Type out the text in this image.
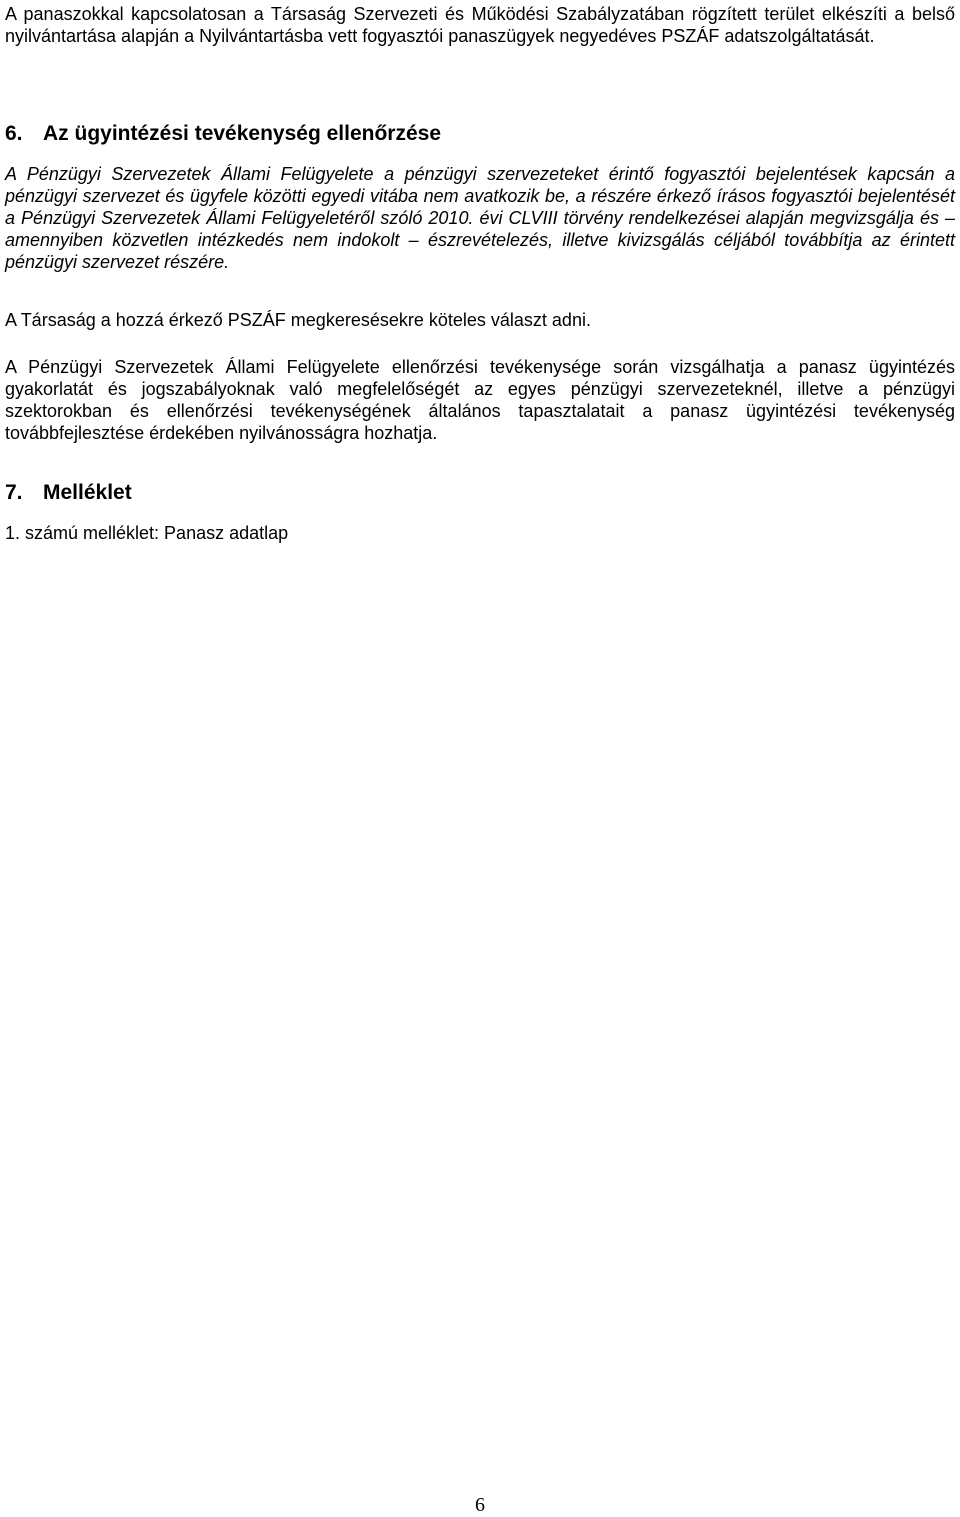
A panaszokkal kapcsolatosan a Társaság Szervezeti és Működési Szabályzatában rögzített terület elkészíti a belső nyilvántartása alapján a Nyilvántartásba vett fogyasztói panaszügyek negyedéves PSZÁF adatszolgáltatását.

6. Az ügyintézési tevékenység ellenőrzése

A Pénzügyi Szervezetek Állami Felügyelete a pénzügyi szervezeteket érintő fogyasztói bejelentések kapcsán a pénzügyi szervezet és ügyfele közötti egyedi vitába nem avatkozik be, a részére érkező írásos fogyasztói bejelentését a Pénzügyi Szervezetek Állami Felügyeletéről szóló 2010. évi CLVIII törvény rendelkezései alapján megvizsgálja és – amennyiben közvetlen intézkedés nem indokolt – észrevételezés, illetve kivizsgálás céljából továbbítja az érintett pénzügyi szervezet részére.

A Társaság a hozzá érkező PSZÁF megkeresésekre köteles választ adni.

A Pénzügyi Szervezetek Állami Felügyelete ellenőrzési tevékenysége során vizsgálhatja a panasz ügyintézés gyakorlatát és jogszabályoknak való megfelelőségét az egyes pénzügyi szervezeteknél, illetve a pénzügyi szektorokban és ellenőrzési tevékenységének általános tapasztalatait a panasz ügyintézési tevékenység továbbfejlesztése érdekében nyilvánosságra hozhatja.

7. Melléklet

1. számú melléklet: Panasz adatlap

6
